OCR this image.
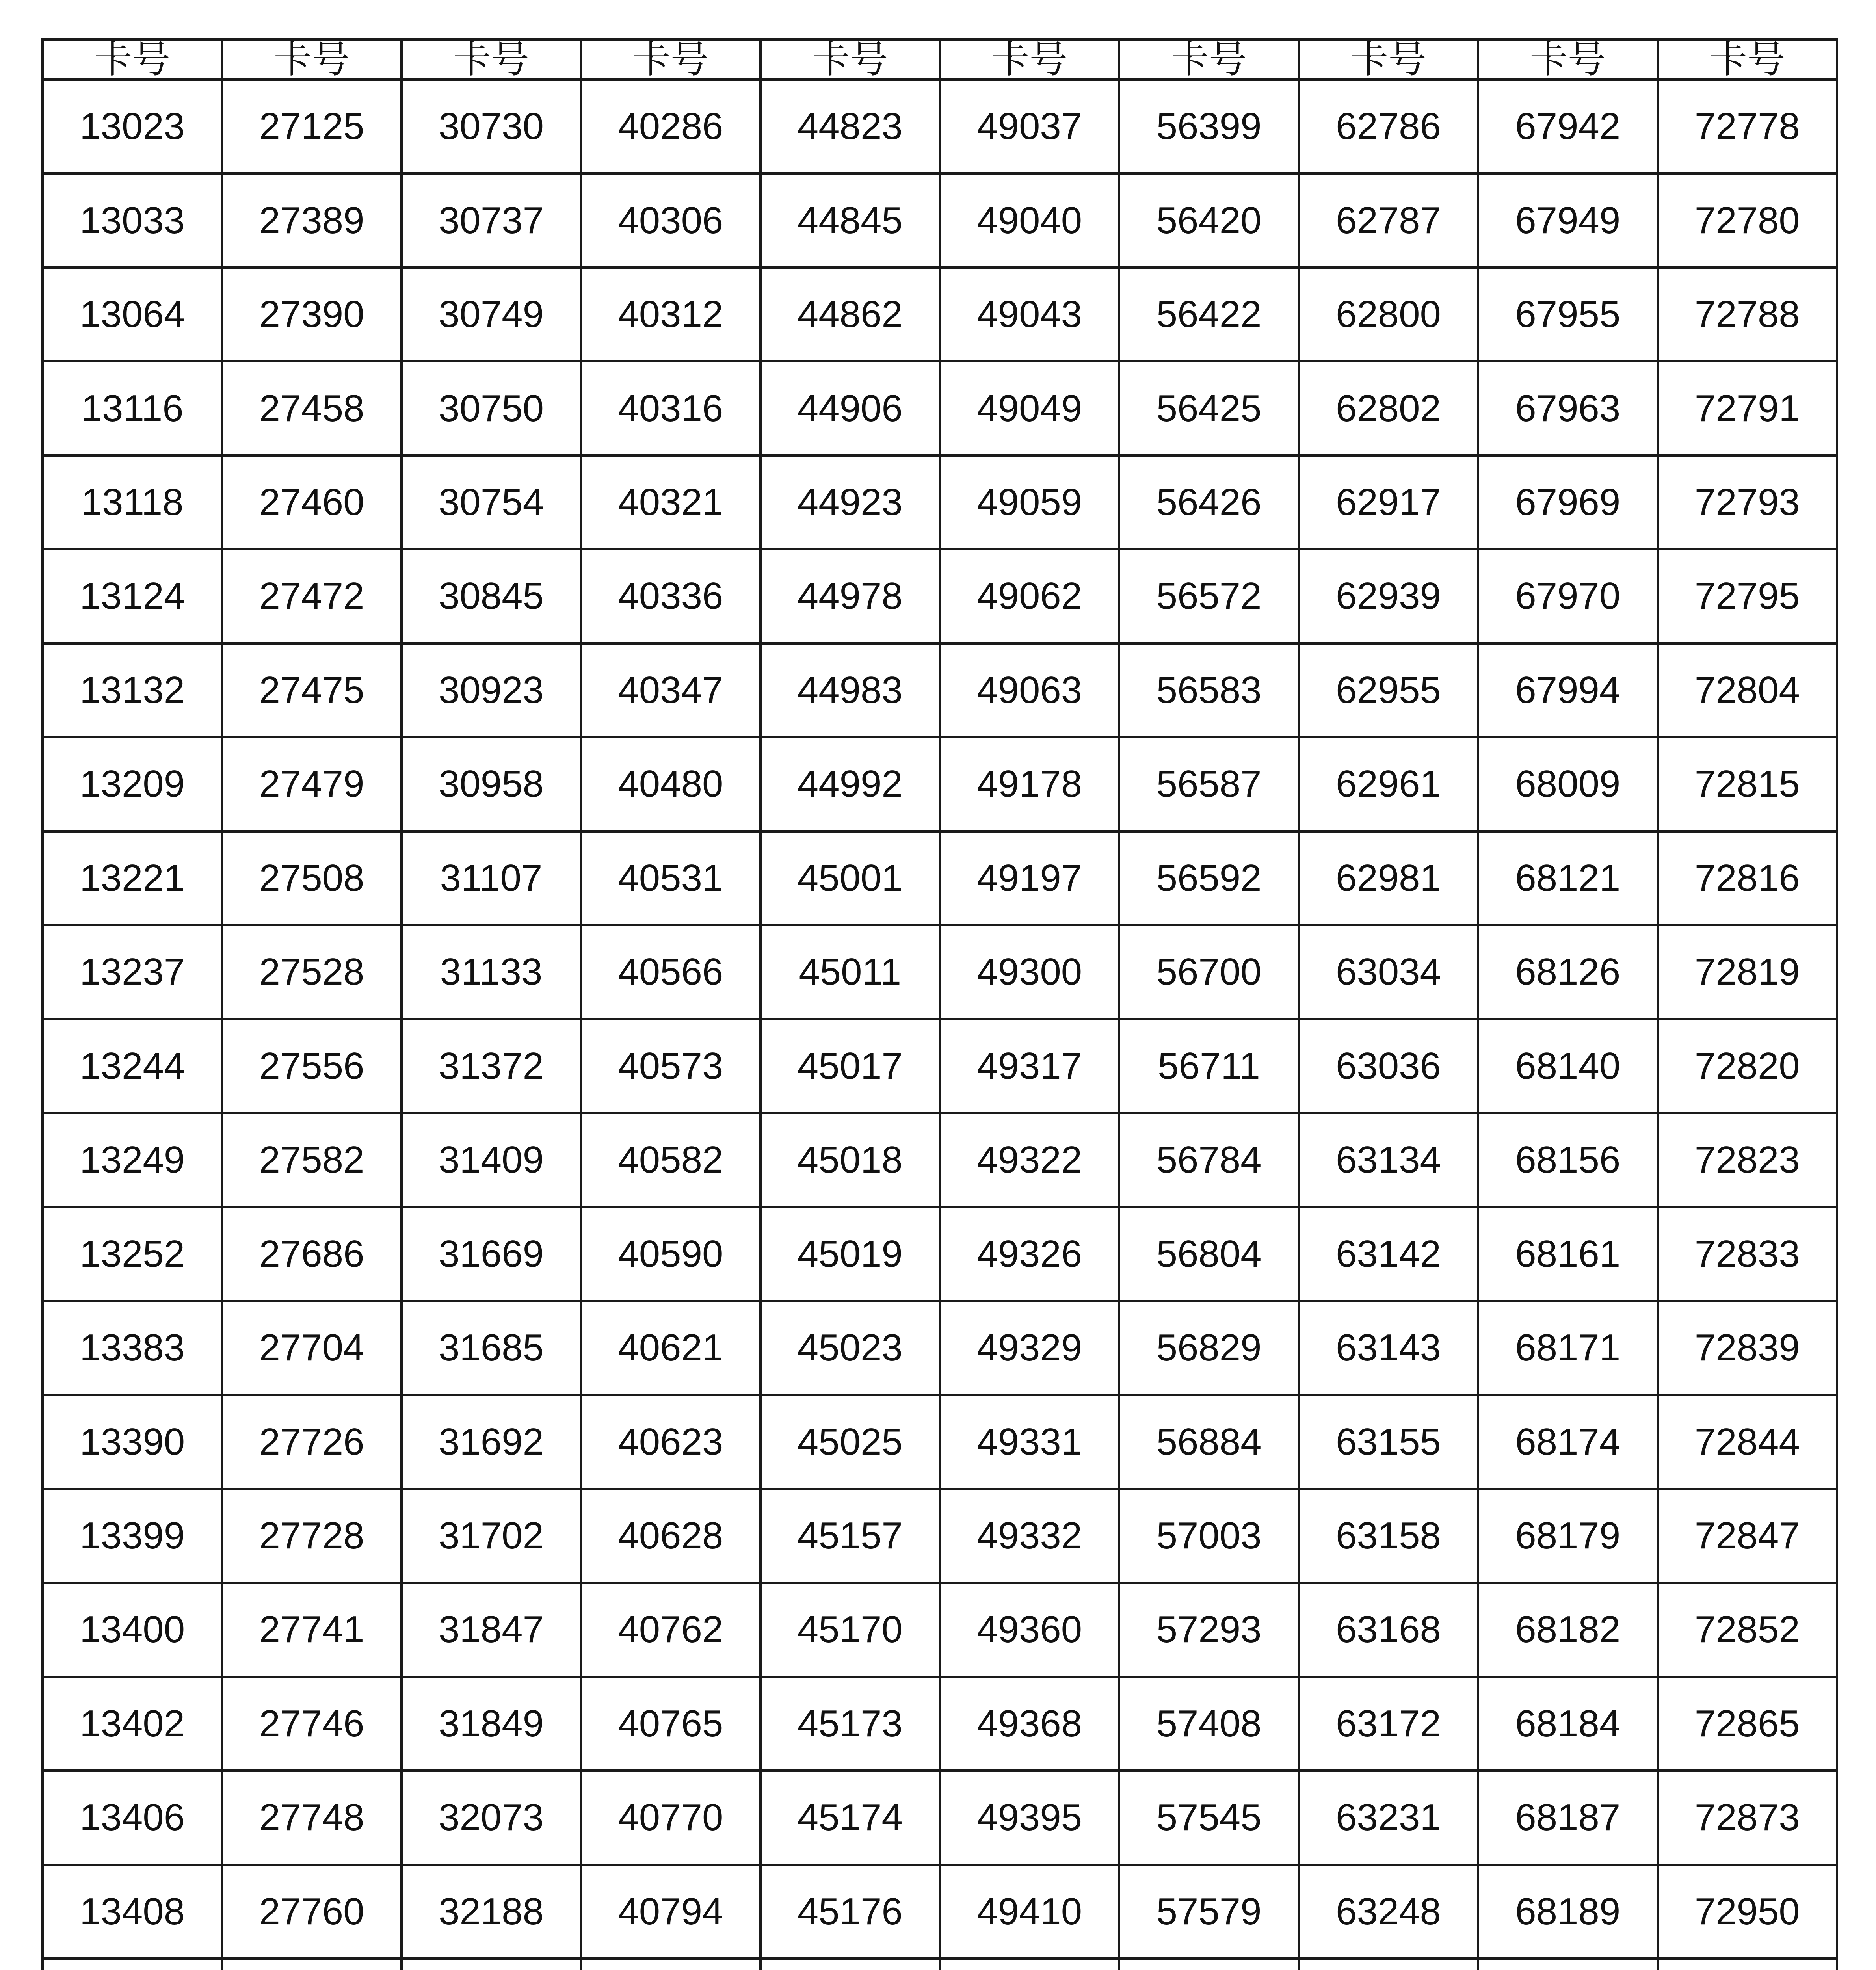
卡号	卡号	卡号	卡号	卡号	卡号	卡号	卡号	卡号	卡号
13023	27125	30730	40286	44823	49037	56399	62786	67942	72778
13033	27389	30737	40306	44845	49040	56420	62787	67949	72780
13064	27390	30749	40312	44862	49043	56422	62800	67955	72788
13116	27458	30750	40316	44906	49049	56425	62802	67963	72791
13118	27460	30754	40321	44923	49059	56426	62917	67969	72793
13124	27472	30845	40336	44978	49062	56572	62939	67970	72795
13132	27475	30923	40347	44983	49063	56583	62955	67994	72804
13209	27479	30958	40480	44992	49178	56587	62961	68009	72815
13221	27508	31107	40531	45001	49197	56592	62981	68121	72816
13237	27528	31133	40566	45011	49300	56700	63034	68126	72819
13244	27556	31372	40573	45017	49317	56711	63036	68140	72820
13249	27582	31409	40582	45018	49322	56784	63134	68156	72823
13252	27686	31669	40590	45019	49326	56804	63142	68161	72833
13383	27704	31685	40621	45023	49329	56829	63143	68171	72839
13390	27726	31692	40623	45025	49331	56884	63155	68174	72844
13399	27728	31702	40628	45157	49332	57003	63158	68179	72847
13400	27741	31847	40762	45170	49360	57293	63168	68182	72852
13402	27746	31849	40765	45173	49368	57408	63172	68184	72865
13406	27748	32073	40770	45174	49395	57545	63231	68187	72873
13408	27760	32188	40794	45176	49410	57579	63248	68189	72950
